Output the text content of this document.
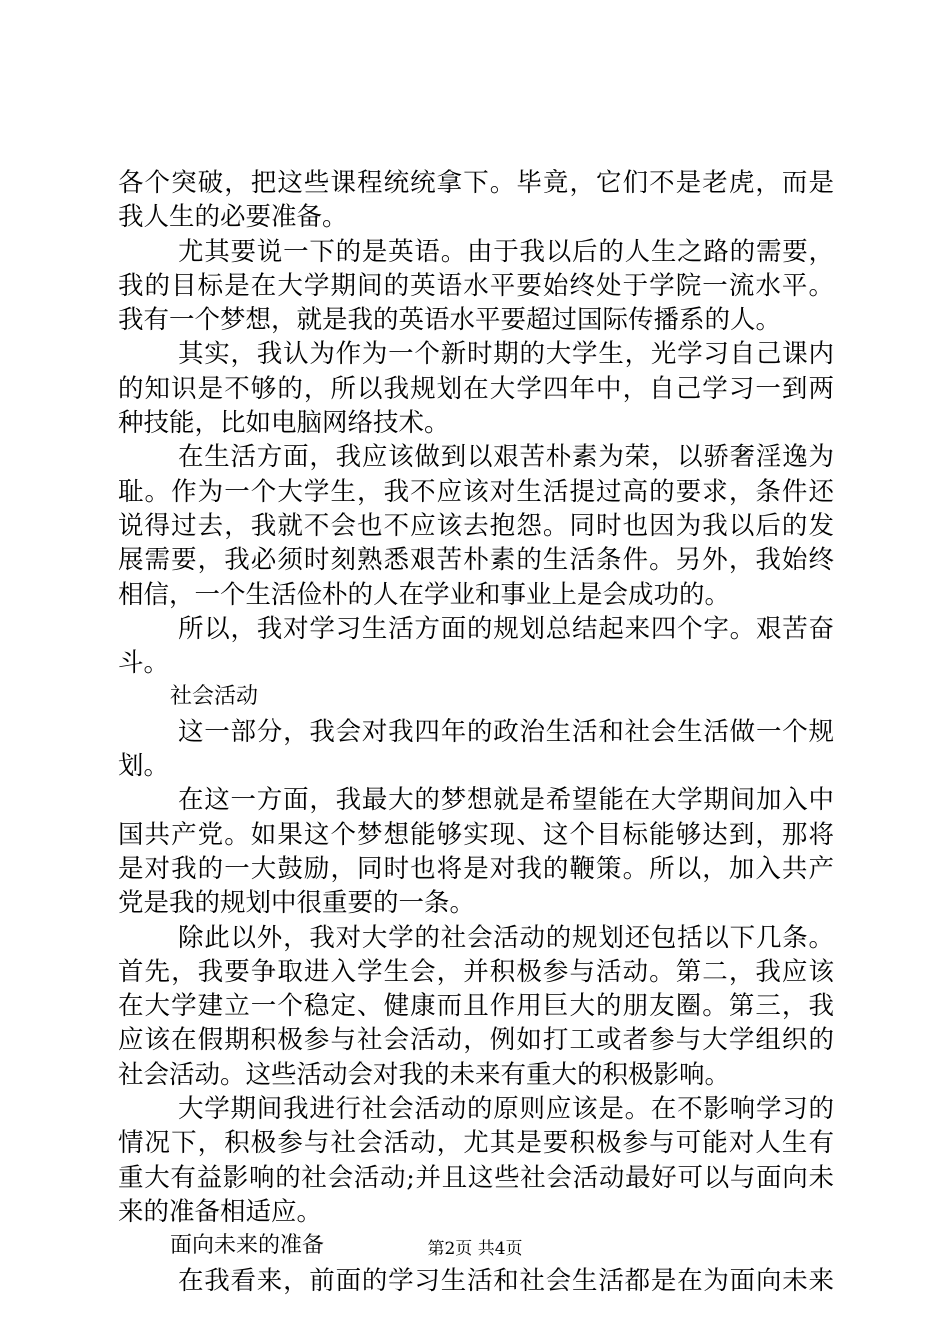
各个突破，把这些课程统统拿下。毕竟，它们不是老虎，而是
我人生的必要准备。
尤其要说一下的是英语。由于我以后的人生之路的需要，
我的目标是在大学期间的英语水平要始终处于学院一流水平。
我有一个梦想，就是我的英语水平要超过国际传播系的人。
其实，我认为作为一个新时期的大学生，光学习自己课内
的知识是不够的，所以我规划在大学四年中，自己学习一到两
种技能，比如电脑网络技术。
在生活方面，我应该做到以艰苦朴素为荣，以骄奢淫逸为
耻。作为一个大学生，我不应该对生活提过高的要求，条件还
说得过去，我就不会也不应该去抱怨。同时也因为我以后的发
展需要，我必须时刻熟悉艰苦朴素的生活条件。另外，我始终
相信，一个生活俭朴的人在学业和事业上是会成功的。
所以，我对学习生活方面的规划总结起来四个字。艰苦奋
斗。
社会活动
这一部分，我会对我四年的政治生活和社会生活做一个规
划。
在这一方面，我最大的梦想就是希望能在大学期间加入中
国共产党。如果这个梦想能够实现、这个目标能够达到，那将
是对我的一大鼓励，同时也将是对我的鞭策。所以，加入共产
党是我的规划中很重要的一条。
除此以外，我对大学的社会活动的规划还包括以下几条。
首先，我要争取进入学生会，并积极参与活动。第二，我应该
在大学建立一个稳定、健康而且作用巨大的朋友圈。第三，我
应该在假期积极参与社会活动，例如打工或者参与大学组织的
社会活动。这些活动会对我的未来有重大的积极影响。
大学期间我进行社会活动的原则应该是。在不影响学习的
情况下，积极参与社会活动，尤其是要积极参与可能对人生有
重大有益影响的社会活动;并且这些社会活动最好可以与面向未
来的准备相适应。
面向未来的准备
在我看来，前面的学习生活和社会生活都是在为面向未来
第2页 共4页
